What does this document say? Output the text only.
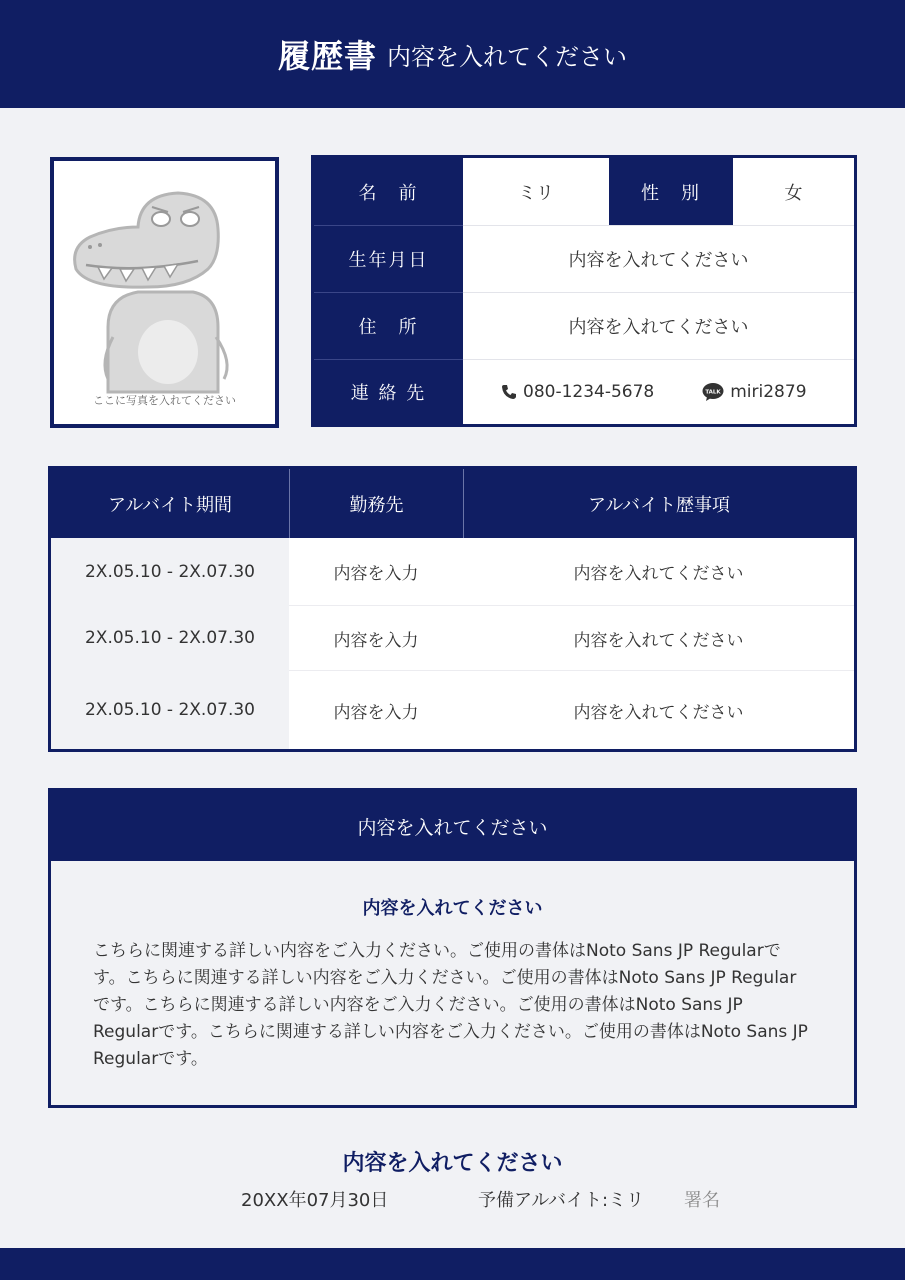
履歴書 内容を入れてください
ここに写真を入れてください
名　前	ミリ	性　別	女
生年月日	内容を入れてください
住　所	内容を入れてください
連 絡 先	080-1234-5678	TALK miri2879
アルバイト期間	勤務先	アルバイト歴事項
2X.05.10 - 2X.07.30	内容を入力	内容を入れてください
2X.05.10 - 2X.07.30	内容を入力	内容を入れてください
2X.05.10 - 2X.07.30	内容を入力	内容を入れてください
内容を入れてください
内容を入れてください
こちらに関連する詳しい内容をご入力ください。ご使用の書体はNoto Sans JP Regularです。こちらに関連する詳しい内容をご入力ください。ご使用の書体はNoto Sans JP Regularです。こちらに関連する詳しい内容をご入力ください。ご使用の書体はNoto Sans JP Regularです。こちらに関連する詳しい内容をご入力ください。ご使用の書体はNoto Sans JP Regularです。
内容を入れてください
20XX年07月30日	予備アルバイト:ミリ 署名
